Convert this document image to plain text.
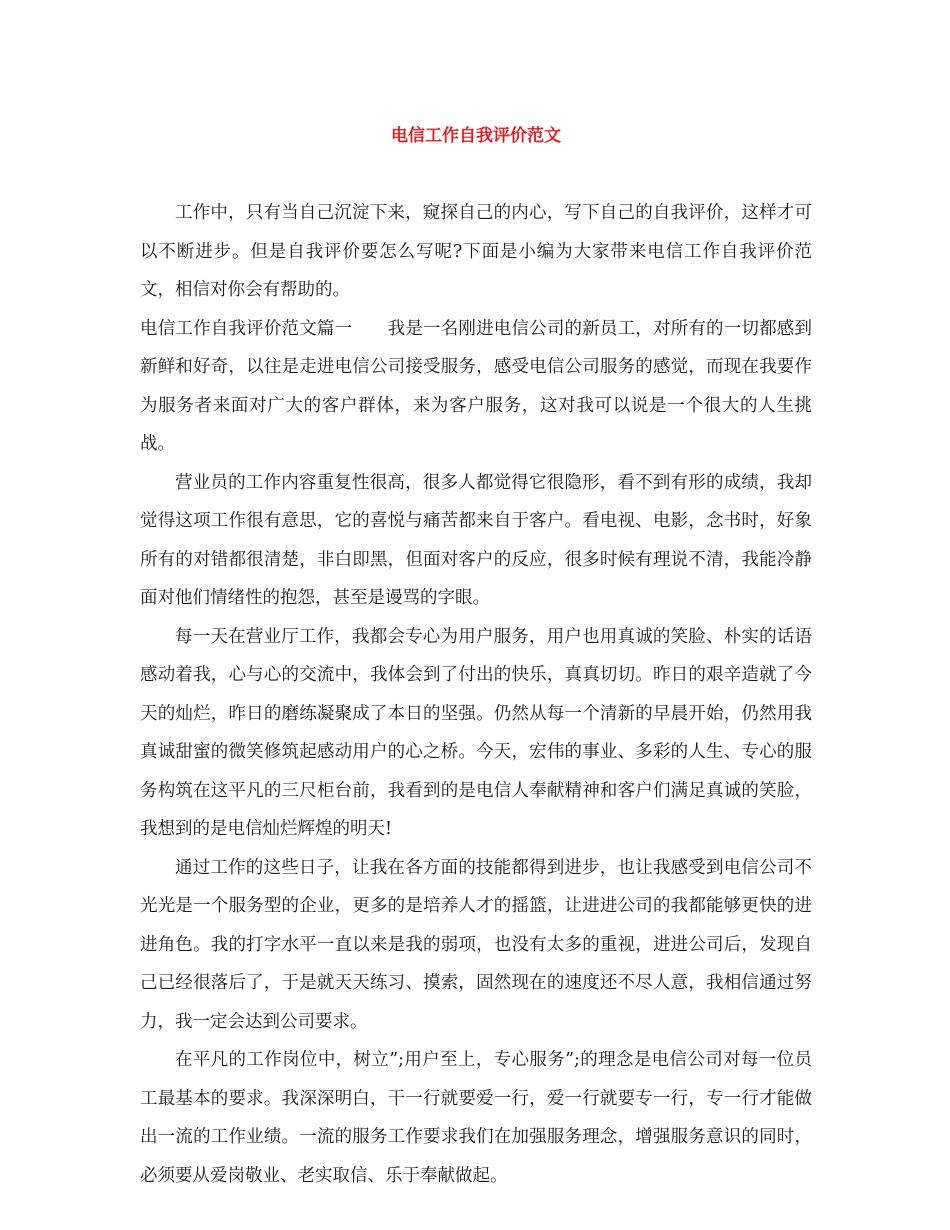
电信工作自我评价范文

工作中，只有当自己沉淀下来，窥探自己的内心，写下自己的自我评价，这样才可以不断进步。但是自我评价要怎么写呢?下面是小编为大家带来电信工作自我评价范文，相信对你会有帮助的。

电信工作自我评价范文篇一　　我是一名刚进电信公司的新员工，对所有的一切都感到新鲜和好奇，以往是走进电信公司接受服务，感受电信公司服务的感觉，而现在我要作为服务者来面对广大的客户群体，来为客户服务，这对我可以说是一个很大的人生挑战。

营业员的工作内容重复性很高，很多人都觉得它很隐形，看不到有形的成绩，我却觉得这项工作很有意思，它的喜悦与痛苦都来自于客户。看电视、电影，念书时，好象所有的对错都很清楚，非白即黑，但面对客户的反应，很多时候有理说不清，我能冷静面对他们情绪性的抱怨，甚至是谩骂的字眼。

每一天在营业厅工作，我都会专心为用户服务，用户也用真诚的笑脸、朴实的话语感动着我，心与心的交流中，我体会到了付出的快乐，真真切切。昨日的艰辛造就了今天的灿烂，昨日的磨练凝聚成了本日的坚强。仍然从每一个清新的早晨开始，仍然用我真诚甜蜜的微笑修筑起感动用户的心之桥。今天，宏伟的事业、多彩的人生、专心的服务构筑在这平凡的三尺柜台前，我看到的是电信人奉献精神和客户们满足真诚的笑脸，我想到的是电信灿烂辉煌的明天!

通过工作的这些日子，让我在各方面的技能都得到进步，也让我感受到电信公司不光光是一个服务型的企业，更多的是培养人才的摇篮，让进进公司的我都能够更快的进进角色。我的打字水平一直以来是我的弱项，也没有太多的重视，进进公司后，发现自己已经很落后了，于是就天天练习、摸索，固然现在的速度还不尽人意，我相信通过努力，我一定会达到公司要求。

在平凡的工作岗位中，树立”;用户至上，专心服务”;的理念是电信公司对每一位员工最基本的要求。我深深明白，干一行就要爱一行，爱一行就要专一行，专一行才能做出一流的工作业绩。一流的服务工作要求我们在加强服务理念，增强服务意识的同时，必须要从爱岗敬业、老实取信、乐于奉献做起。
